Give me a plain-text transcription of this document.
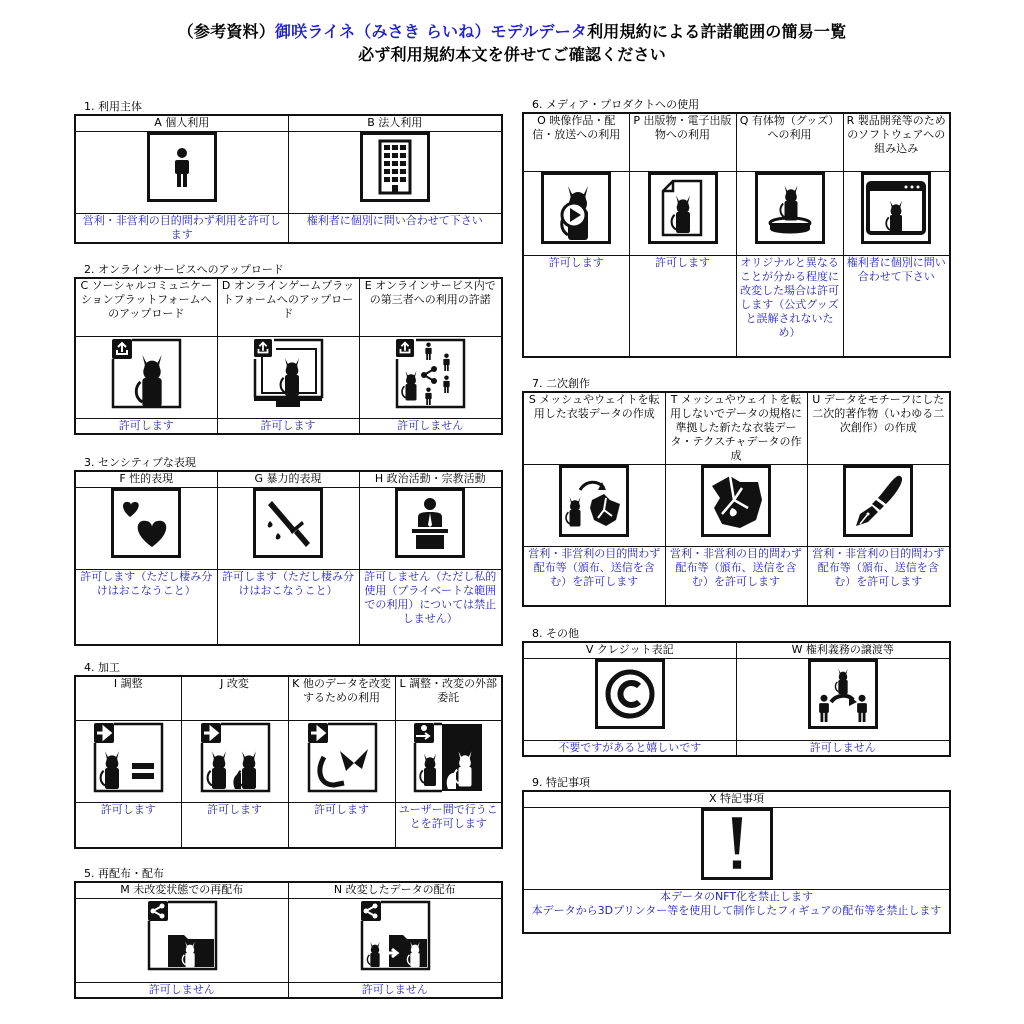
（参考資料）御咲ライネ（みさき らいね）モデルデータ利用規約による許諾範囲の簡易一覧
必ず利用規約本文を併せてご確認ください
1. 利用主体
A 個人利用	B 法人利用

営利・非営利の目的問わず利用を許可します	権利者に個別に問い合わせて下さい
2. オンラインサービスへのアップロード
C ソーシャルコミュニケーションプラットフォームへのアップロード	D オンラインゲームプラットフォームへのアップロード	E オンラインサービス内での第三者への利用の許諾

許可します	許可します	許可しません
3. センシティブな表現
F 性的表現	G 暴力的表現	H 政治活動・宗教活動

許可します（ただし棲み分けはおこなうこと）	許可します（ただし棲み分けはおこなうこと）	許可しません（ただし私的使用（プライベートな範囲での利用）については禁止しません）
4. 加工
I 調整	J 改変	K 他のデータを改変するための利用	L 調整・改変の外部委託

許可します	許可します	許可します	ユーザー間で行うことを許可します
5. 再配布・配布
M 未改変状態での再配布	N 改変したデータの配布

許可しません	許可しません
6. メディア・プロダクトへの使用
O 映像作品・配信・放送への利用	P 出版物・電子出版物への利用	Q 有体物（グッズ）への利用	R 製品開発等のためのソフトウェアへの組み込み

許可します	許可します	オリジナルと異なることが分かる程度に改変した場合は許可します（公式グッズと誤解されないため）	権利者に個別に問い合わせて下さい
7. 二次創作
S メッシュやウェイトを転用した衣装データの作成	T メッシュやウェイトを転用しないでデータの規格に準拠した新たな衣装データ・テクスチャデータの作成	U データをモチーフにした二次的著作物（いわゆる二次創作）の作成

営利・非営利の目的問わず配布等（頒布、送信を含む）を許可します	営利・非営利の目的問わず配布等（頒布、送信を含む）を許可します	営利・非営利の目的問わず配布等（頒布、送信を含む）を許可します
8. その他
V クレジット表記	W 権利義務の譲渡等

不要ですがあると嬉しいです	許可しません
9. 特記事項
X 特記事項

本データのNFT化を禁止します
本データから3Dプリンター等を使用して制作したフィギュアの配布等を禁止します
